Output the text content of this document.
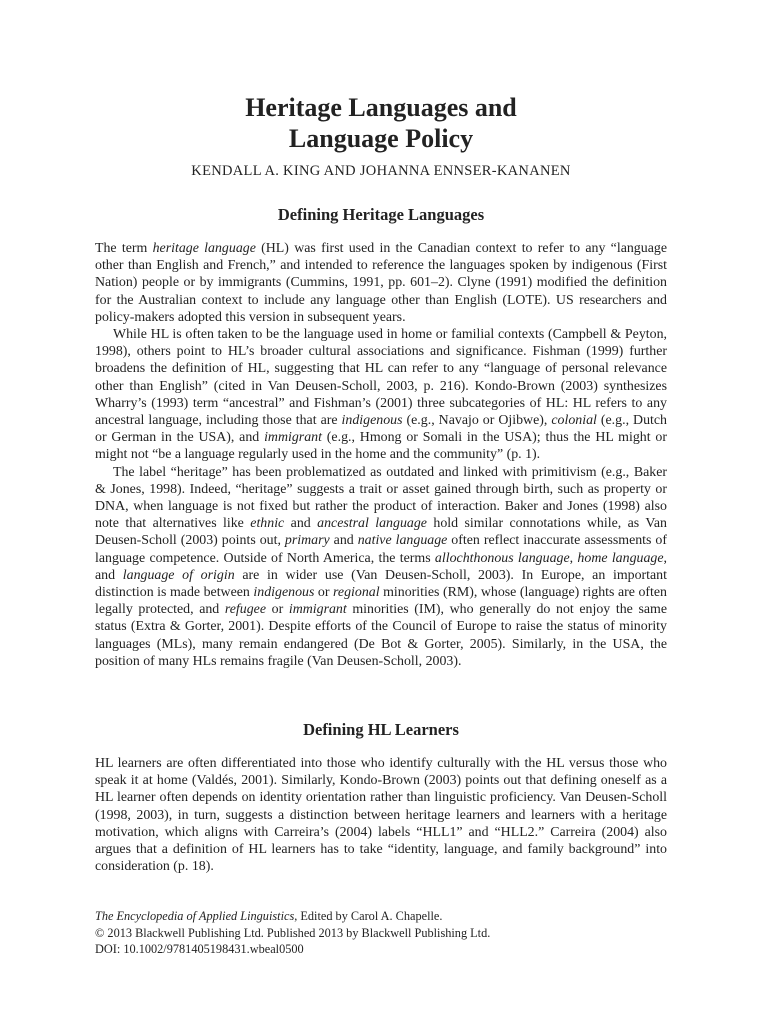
Heritage Languages and
Language Policy
KENDALL A. KING AND JOHANNA ENNSER-KANANEN
Defining Heritage Languages

The term heritage language (HL) was first used in the Canadian context to refer to any “language other than English and French,” and intended to reference the languages spoken by indigenous (First Nation) people or by immigrants (Cummins, 1991, pp. 601–2). Clyne (1991) modified the definition for the Australian context to include any language other than English (LOTE). US researchers and policy-makers adopted this version in subsequent years.

While HL is often taken to be the language used in home or familial contexts (Campbell & Peyton, 1998), others point to HL’s broader cultural associations and significance. Fishman (1999) further broadens the definition of HL, suggesting that HL can refer to any “language of personal relevance other than English” (cited in Van Deusen-Scholl, 2003, p. 216). Kondo-Brown (2003) synthesizes Wharry’s (1993) term “ancestral” and Fishman’s (2001) three subcategories of HL: HL refers to any ancestral language, including those that are indigenous (e.g., Navajo or Ojibwe), colonial (e.g., Dutch or German in the USA), and immigrant (e.g., Hmong or Somali in the USA); thus the HL might or might not “be a language regularly used in the home and the community” (p. 1).

The label “heritage” has been problematized as outdated and linked with primitivism (e.g., Baker & Jones, 1998). Indeed, “heritage” suggests a trait or asset gained through birth, such as property or DNA, when language is not fixed but rather the product of interaction. Baker and Jones (1998) also note that alternatives like ethnic and ancestral language hold similar connotations while, as Van Deusen-Scholl (2003) points out, primary and native language often reflect inaccurate assessments of language competence. Outside of North America, the terms allochthonous language, home language, and language of origin are in wider use (Van Deusen-Scholl, 2003). In Europe, an important distinction is made between indigenous or regional minorities (RM), whose (language) rights are often legally protected, and refugee or immigrant minorities (IM), who generally do not enjoy the same status (Extra & Gorter, 2001). Despite efforts of the Council of Europe to raise the status of minority languages (MLs), many remain endangered (De Bot & Gorter, 2005). Similarly, in the USA, the position of many HLs remains fragile (Van Deusen-Scholl, 2003).

Defining HL Learners

HL learners are often differentiated into those who identify culturally with the HL versus those who speak it at home (Valdés, 2001). Similarly, Kondo-Brown (2003) points out that defining oneself as a HL learner often depends on identity orientation rather than linguistic proficiency. Van Deusen-Scholl (1998, 2003), in turn, suggests a distinction between heritage learners and learners with a heritage motivation, which aligns with Carreira’s (2004) labels “HLL1” and “HLL2.” Carreira (2004) also argues that a definition of HL learners has to take “identity, language, and family background” into consideration (p. 18).

The Encyclopedia of Applied Linguistics, Edited by Carol A. Chapelle.
© 2013 Blackwell Publishing Ltd. Published 2013 by Blackwell Publishing Ltd.
DOI: 10.1002/9781405198431.wbeal0500
